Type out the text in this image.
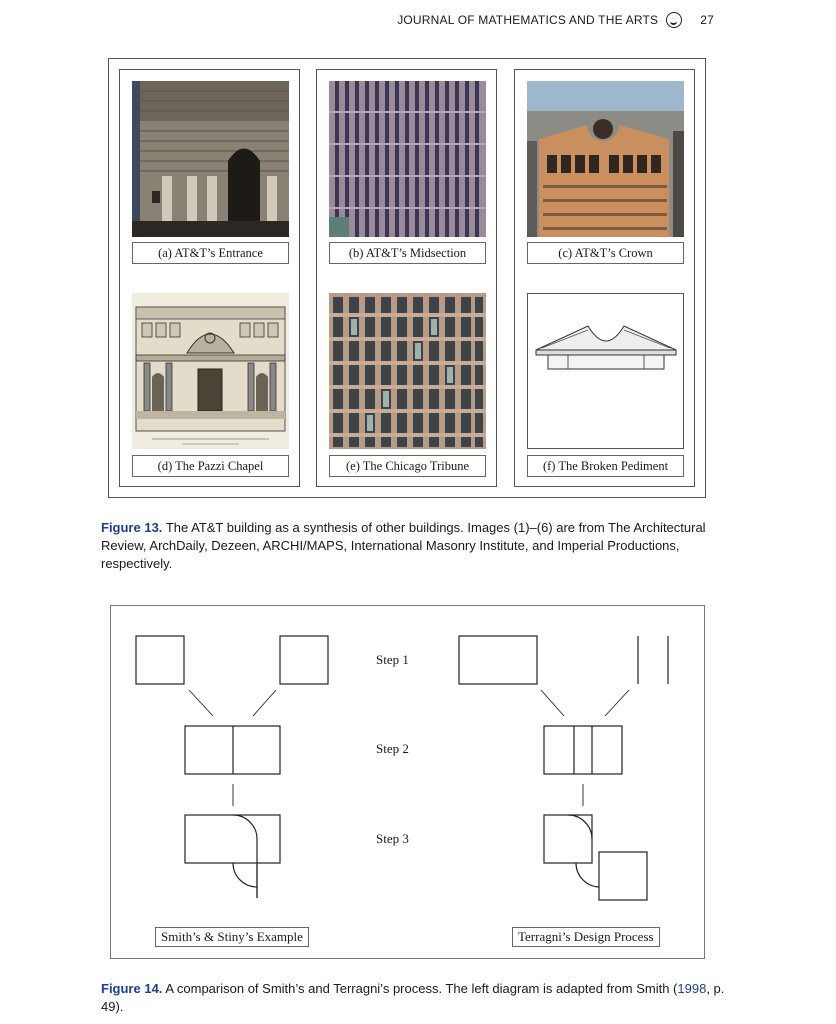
JOURNAL OF MATHEMATICS AND THE ARTS	27
(a) AT&T’s Entrance
(d) The Pazzi Chapel
(b) AT&T’s Midsection
(e) The Chicago Tribune
(c) AT&T’s Crown
(f) The Broken Pediment
Figure 13. The AT&T building as a synthesis of other buildings. Images (1)–(6) are from The Architectural Review, ArchDaily, Dezeen, ARCHI/MAPS, International Masonry Institute, and Imperial Productions, respectively.
Step 1
Step 2
Step 3
Smith’s & Stiny’s Example	Terragni’s Design Process
Figure 14. A comparison of Smith’s and Terragni’s process. The left diagram is adapted from Smith (1998, p. 49).
